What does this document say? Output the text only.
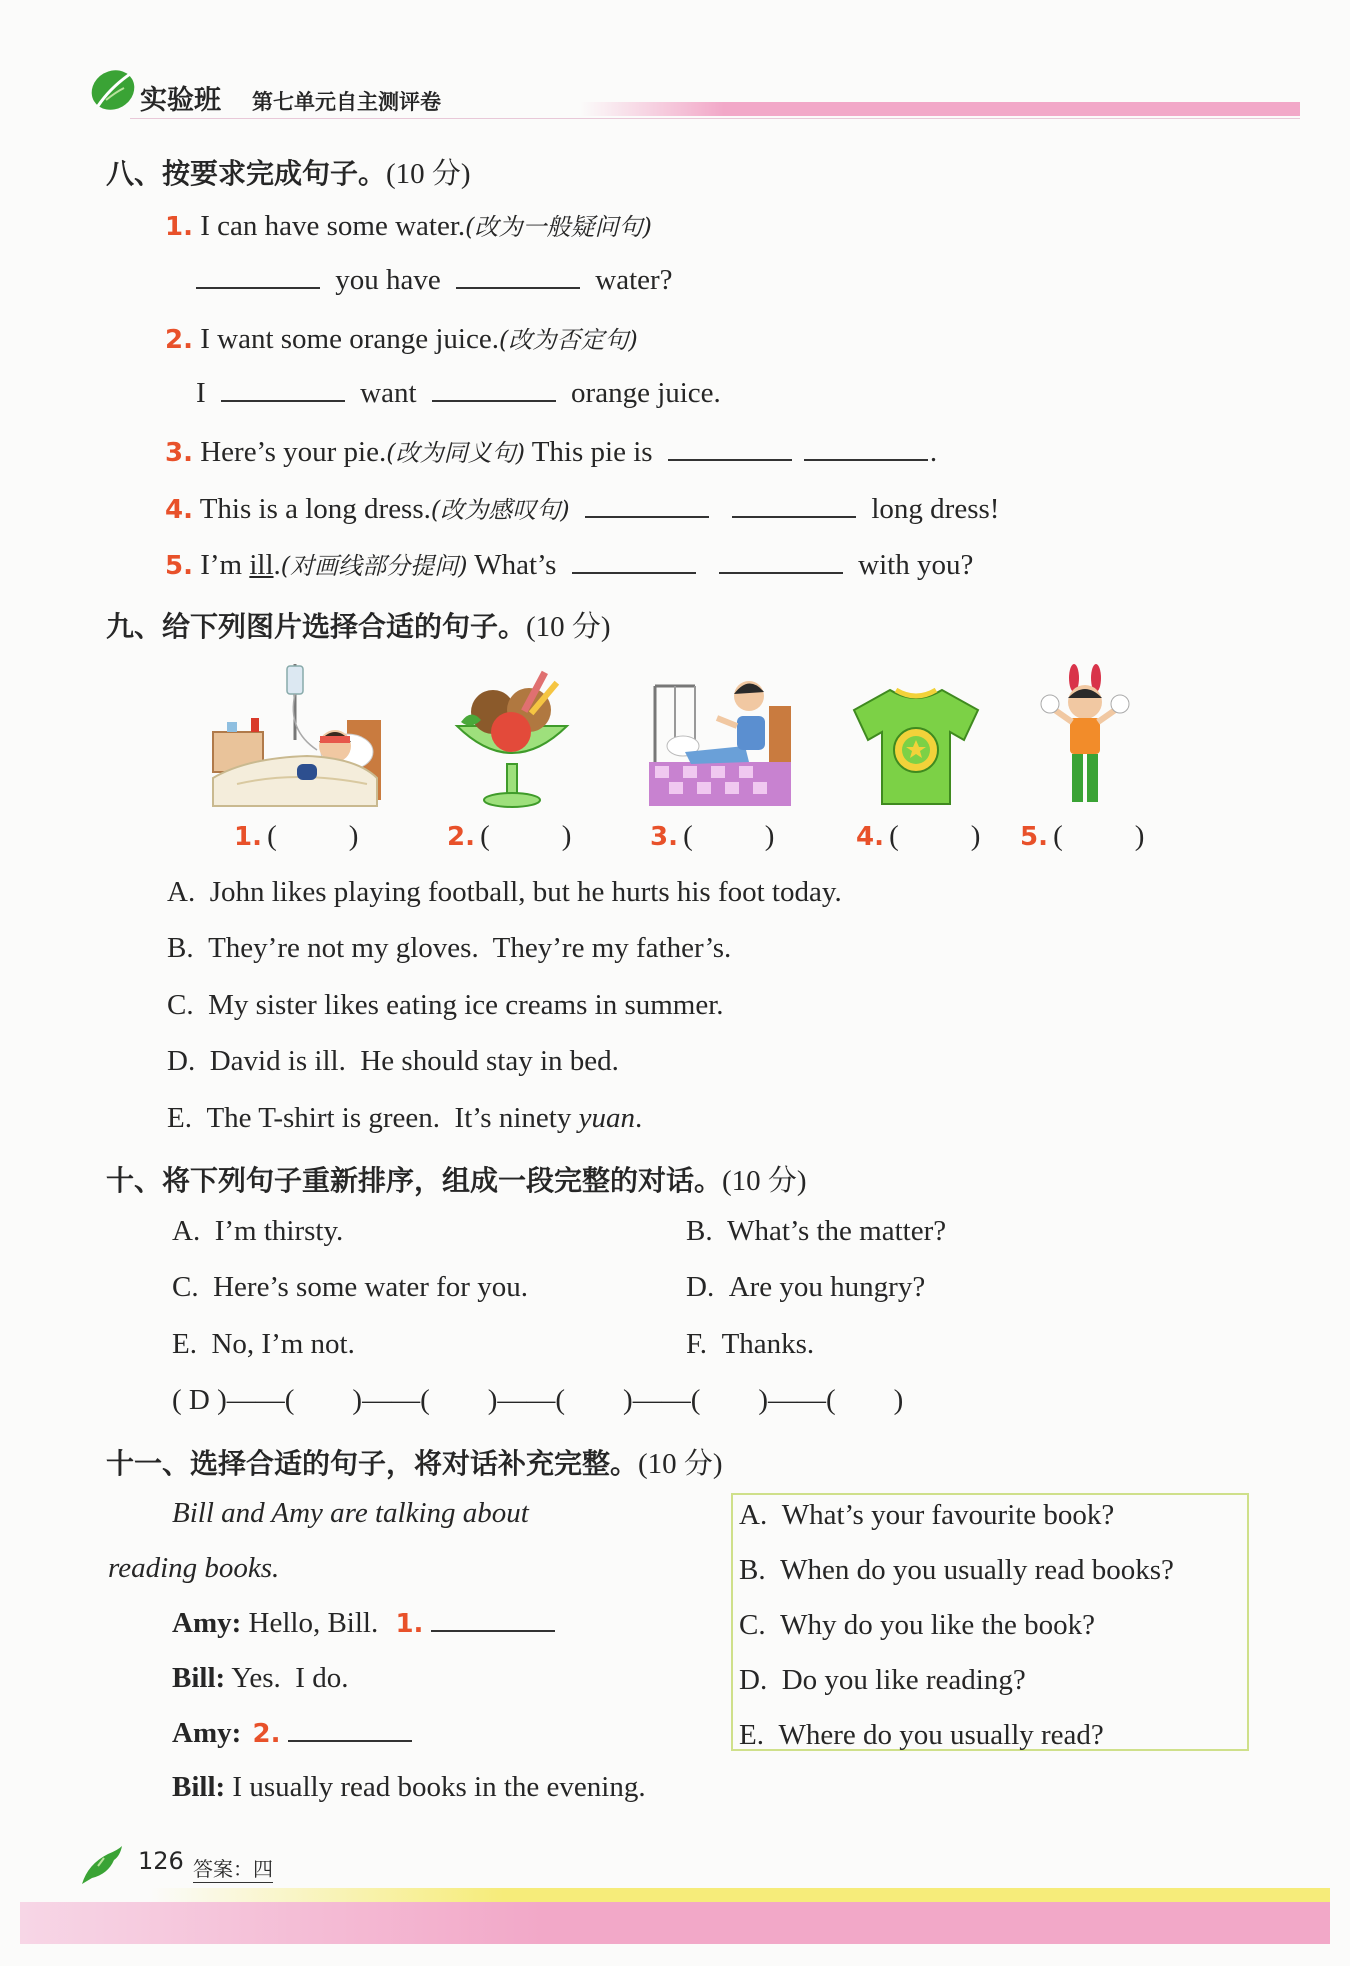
实验班 第七单元自主测评卷
八、按要求完成句子。(10 分)
1. I can have some water.(改为一般疑问句)
you have	water?
2. I want some orange juice.(改为否定句)
I	want	orange juice.
3. Here’s your pie.(改为同义句) This pie is	.
4. This is a long dress.(改为感叹句)	long dress!
5. I’m ill.(对画线部分提问) What’s	with you?
九、给下列图片选择合适的句子。(10 分)
1. ( )	2. ( )	3. ( )	4. ( ) 5. ( )
A. John likes playing football, but he hurts his foot today.
B. They’re not my gloves.  They’re my father’s.
C. My sister likes eating ice creams in summer.
D. David is ill.  He should stay in bed.
E. The T-shirt is green.  It’s ninety yuan.
十、将下列句子重新排序，组成一段完整的对话。(10 分)
A. I’m thirsty.	B. What’s the matter?
C. Here’s some water for you.	D. Are you hungry?
E. No, I’m not.	F. Thanks.
( D )——(        )——(        )——(        )——(        )——(        )
十一、选择合适的句子，将对话补充完整。(10 分)
Bill and Amy are talking about
reading books.
Amy: Hello, Bill. 1.
Bill: Yes.  I do.
Amy: 2.
Bill: I usually read books in the evening.
A. What’s your favourite book?
B. When do you usually read books?
C. Why do you like the book?
D. Do you like reading?
E. Where do you usually read?
126 答案：四
